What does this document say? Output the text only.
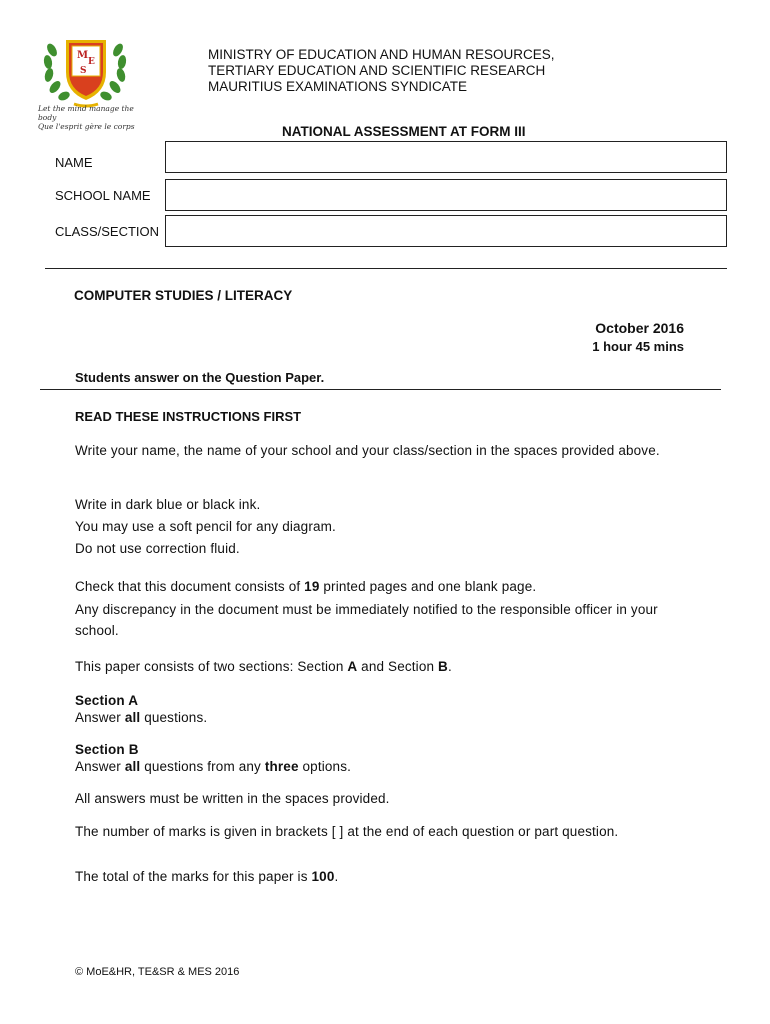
M
E
S
Let the mind manage the body
Que l'esprit gère le corps
MINISTRY OF EDUCATION AND HUMAN RESOURCES,
TERTIARY EDUCATION AND SCIENTIFIC RESEARCH
MAURITIUS EXAMINATIONS SYNDICATE
NATIONAL ASSESSMENT AT FORM III
NAME
SCHOOL NAME
CLASS/SECTION
COMPUTER STUDIES / LITERACY
October 2016
1 hour 45 mins
Students answer on the Question Paper.
READ THESE INSTRUCTIONS FIRST
Write your name, the name of your school and your class/section in the spaces provided above.
Write in dark blue or black ink.
You may use a soft pencil for any diagram.
Do not use correction fluid.
Check that this document consists of 19 printed pages and one blank page.
Any discrepancy in the document must be immediately notified to the responsible officer in your school.
This paper consists of two sections: Section A and Section B.
Section A
Answer all questions.
Section B
Answer all questions from any three options.
All answers must be written in the spaces provided.
The number of marks is given in brackets [ ] at the end of each question or part question.
The total of the marks for this paper is 100.
© MoE&HR, TE&SR & MES 2016
